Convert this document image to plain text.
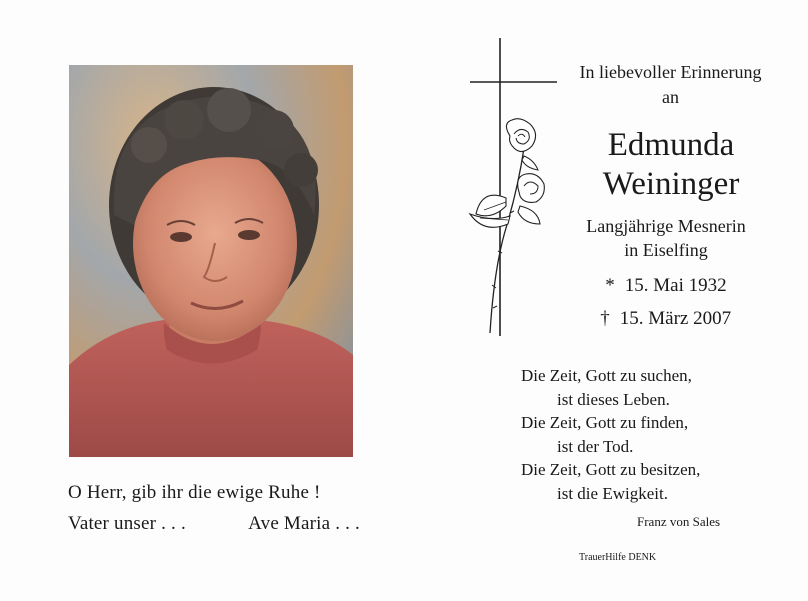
O Herr, gib ihr die ewige Ruhe !
Vater unser . . .	Ave Maria . . .
In liebevoller Erinnerung
an
Edmunda
Weininger
Langjährige Mesnerin
in Eiselfing
* 15. Mai 1932
† 15. März 2007
Die Zeit, Gott zu suchen,
ist dieses Leben.
Die Zeit, Gott zu finden,
ist der Tod.
Die Zeit, Gott zu besitzen,
ist die Ewigkeit.
Franz von Sales
TrauerHilfe DENK
